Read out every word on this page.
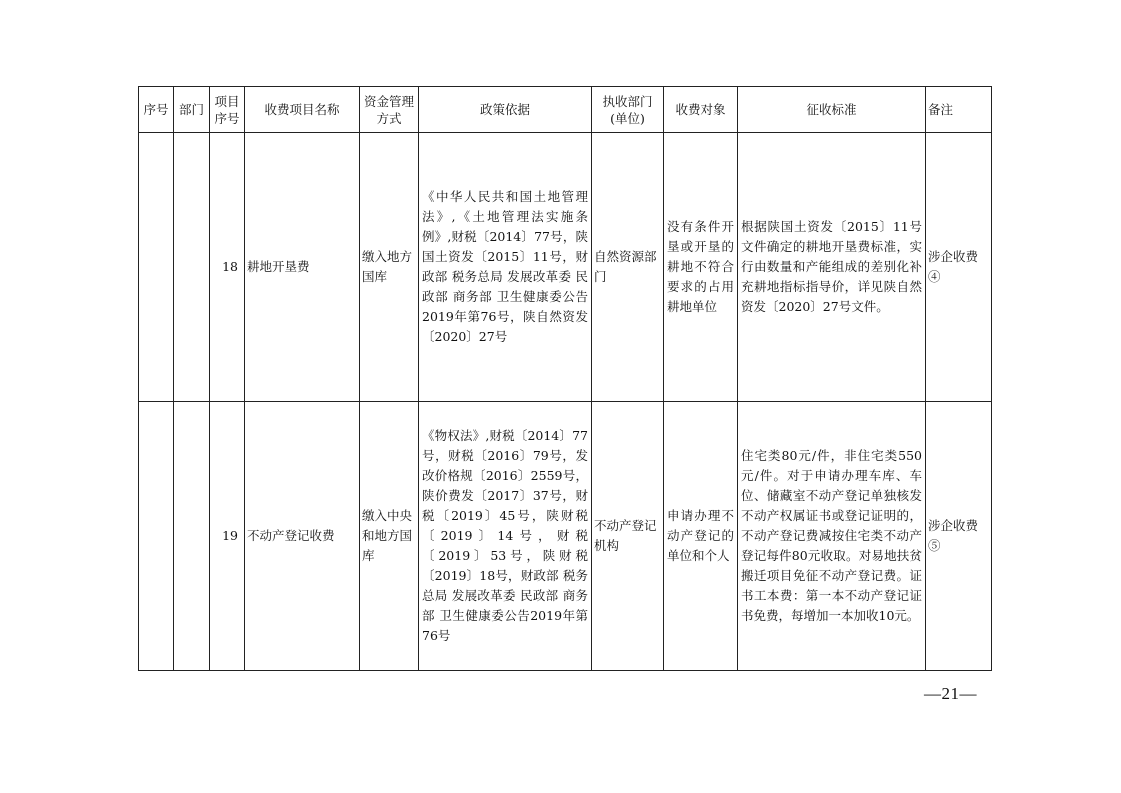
序号	部门	项目序号	收费项目名称	资金管理方式	政策依据	执收部门(单位)	收费对象	征收标准	备注
		18	耕地开垦费	缴入地方国库	《中华人民共和国土地管理法》,《土地管理法实施条例》,财税〔2014〕77号，陕国土资发〔2015〕11号，财政部 税务总局 发展改革委 民政部 商务部 卫生健康委公告2019年第76号，陕自然资发〔2020〕27号	自然资源部门	没有条件开垦或开垦的耕地不符合要求的占用耕地单位	根据陕国土资发〔2015〕11号文件确定的耕地开垦费标准，实行由数量和产能组成的差别化补充耕地指标指导价，详见陕自然资发〔2020〕27号文件。	涉企收费④
		19	不动产登记收费	缴入中央和地方国库	《物权法》,财税〔2014〕77号，财税〔2016〕79号，发改价格规〔2016〕2559号，陕价费发〔2017〕37号，财税〔2019〕45号，陕财税〔2019〕14号，财税〔2019〕53号，陕财税〔2019〕18号，财政部 税务总局 发展改革委 民政部 商务部 卫生健康委公告2019年第76号	不动产登记机构	申请办理不动产登记的单位和个人	住宅类80元/件，非住宅类550元/件。对于申请办理车库、车位、储藏室不动产登记单独核发不动产权属证书或登记证明的，不动产登记费减按住宅类不动产登记每件80元收取。对易地扶贫搬迁项目免征不动产登记费。证书工本费：第一本不动产登记证书免费，每增加一本加收10元。	涉企收费⑤
—21—
